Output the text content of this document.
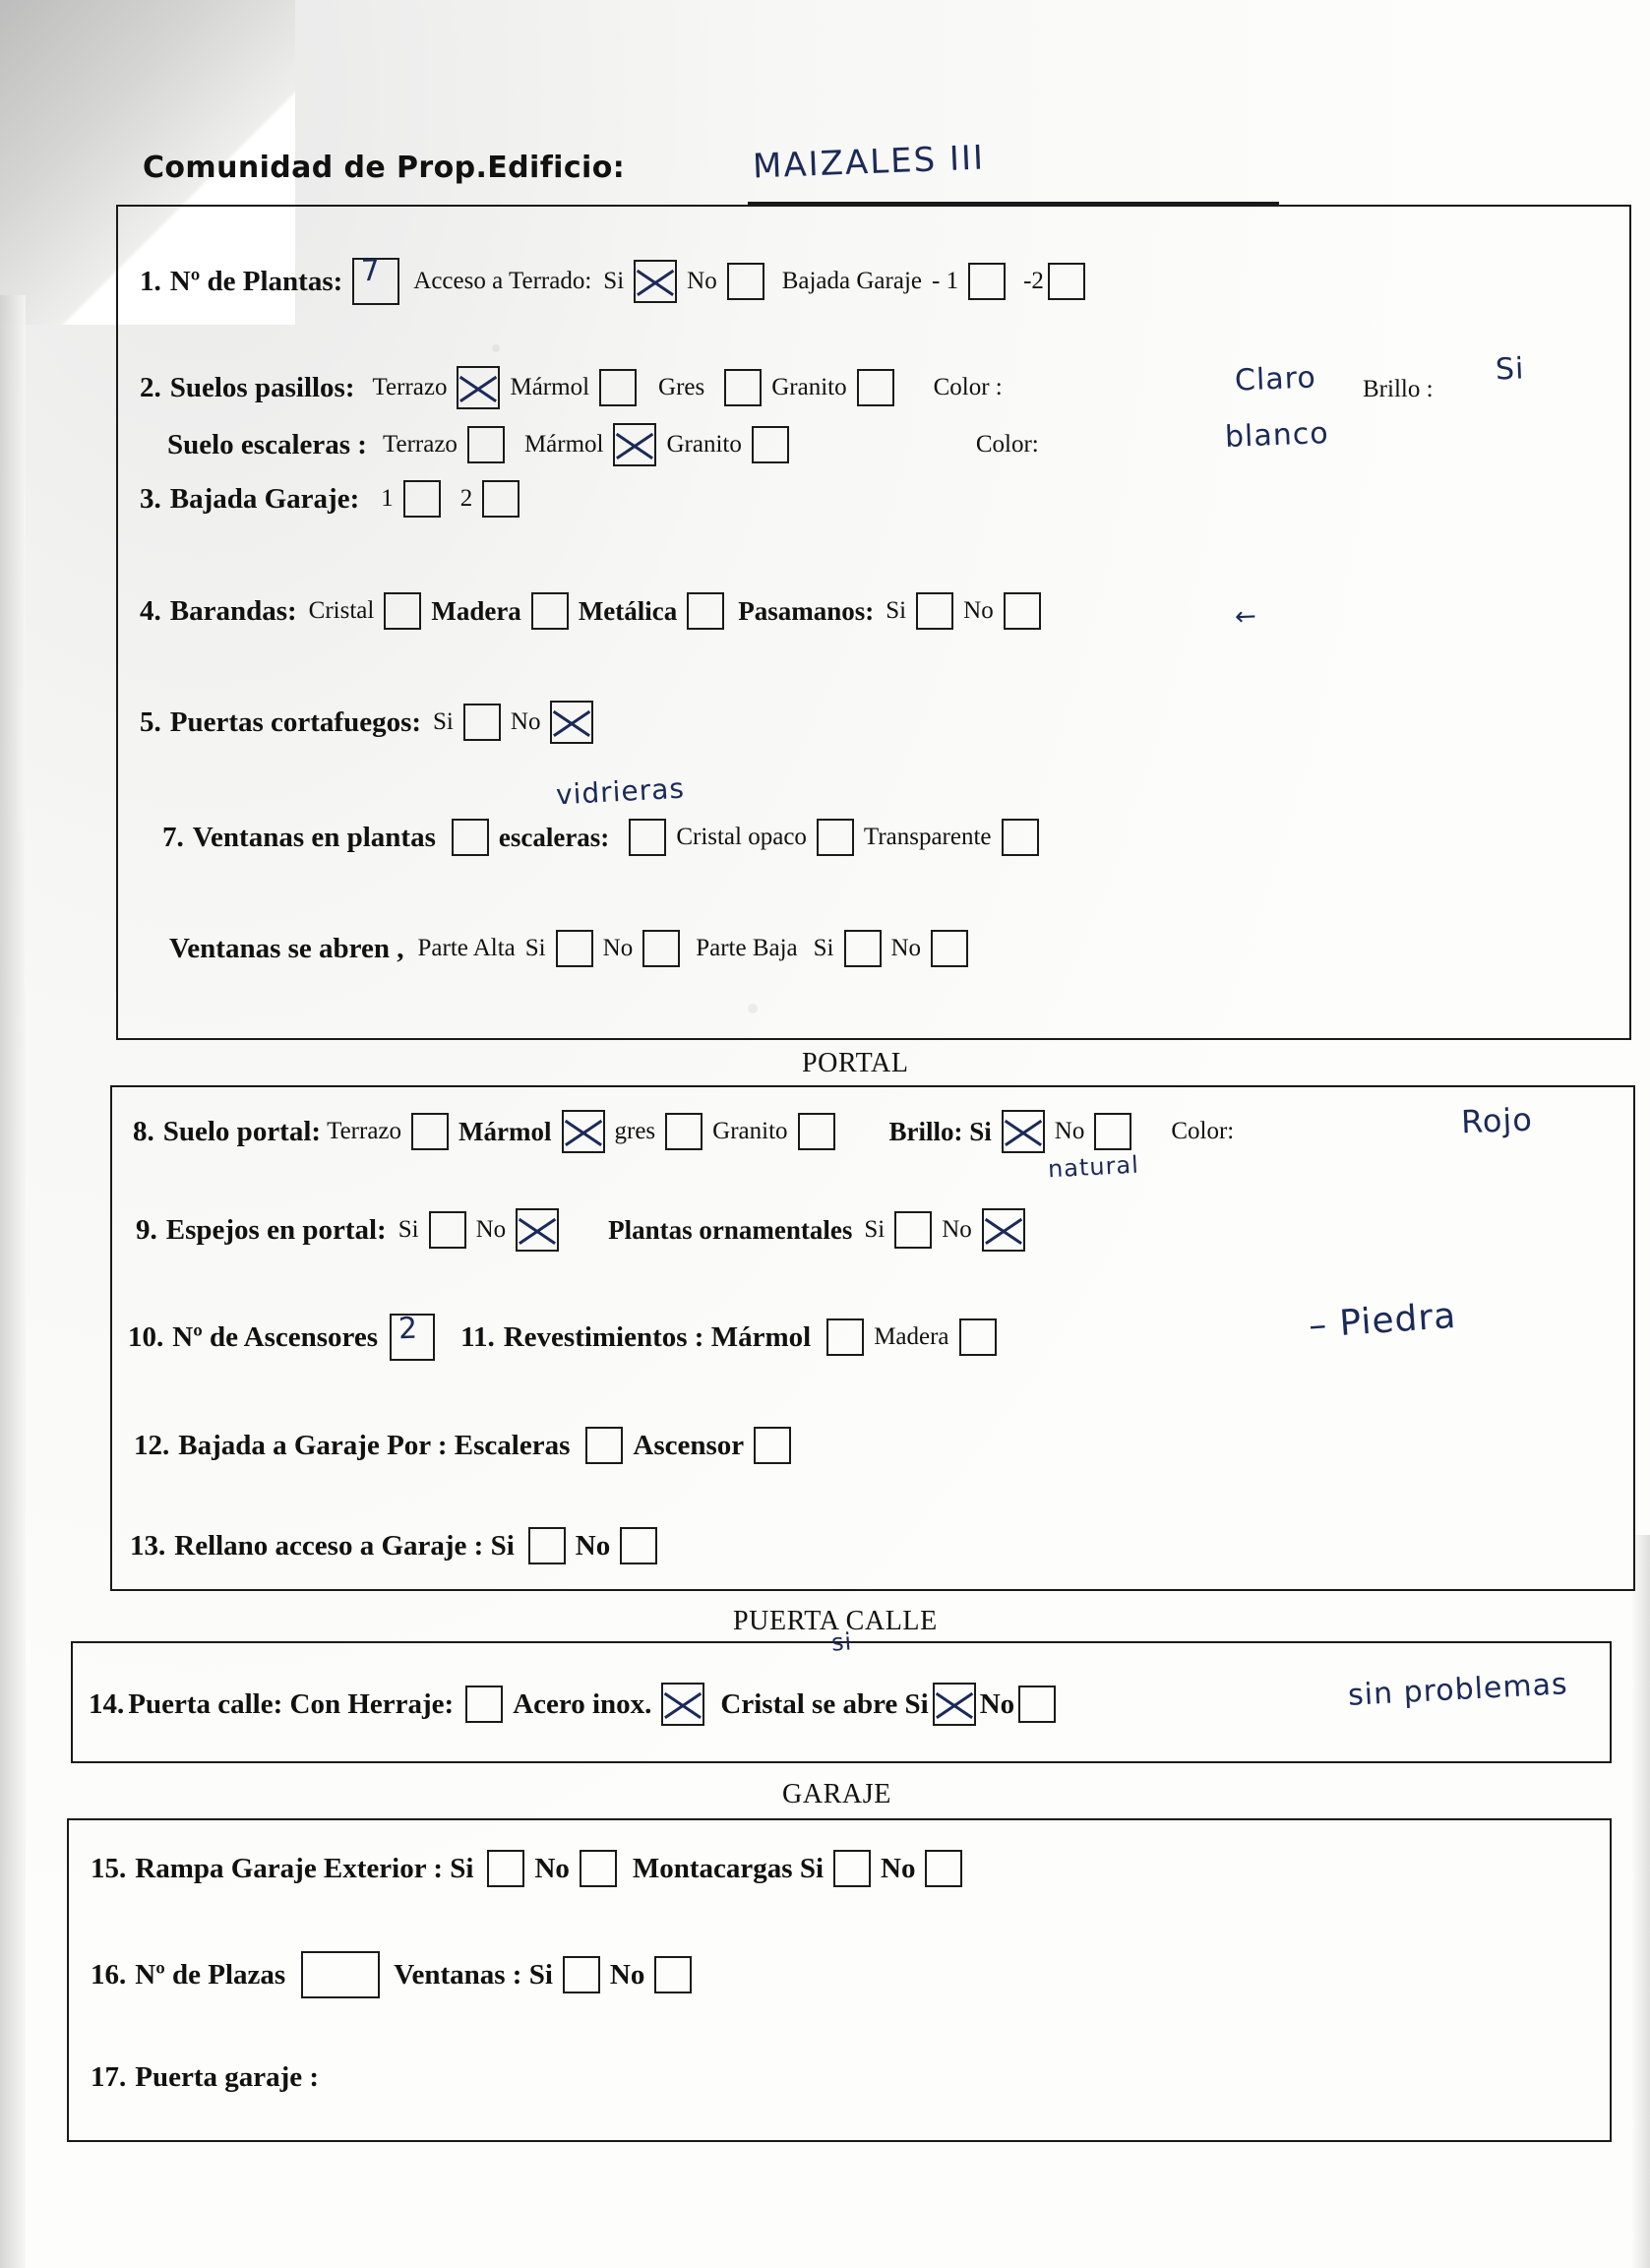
Comunidad de Prop.Edificio:	MAIZALES III
1. Nº de Plantas: 7 Acceso a Terrado: Si	No	Bajada Garaje - 1	-2
2. Suelos pasillos: Terrazo	Mármol	Gres	Granito	Color :	Claro Brillo :
Si
Suelo escaleras : Terrazo	Mármol	Granito	Color:	blanco
3. Bajada Garaje: 1	2
4. Barandas: Cristal Madera Metálica Pasamanos: Si No	←
5. Puertas cortafuegos: Si No
vidrieras
7. Ventanas en plantas escaleras:	Cristal opaco Transparente
Ventanas se abren , Parte Alta Si No	Parte Baja Si No
PORTAL
8. Suelo portal: Terrazo Mármol	gres Granito	Brillo: Si	No	Color:	Rojo
natural
9. Espejos en portal: Si No	Plantas ornamentales Si No
10. Nº de Ascensores 2 11. Revestimientos : Mármol	Madera	– Piedra
12. Bajada a Garaje Por : Escaleras Ascensor
13. Rellano acceso a Garaje : Si No
PUERTA CALLE
si
14. Puerta calle: Con Herraje: Acero inox. Cristal se abre Si No	sin problemas
GARAJE
15. Rampa Garaje Exterior : Si No Montacargas Si No
16. Nº de Plazas	Ventanas : Si No
17. Puerta garaje :
